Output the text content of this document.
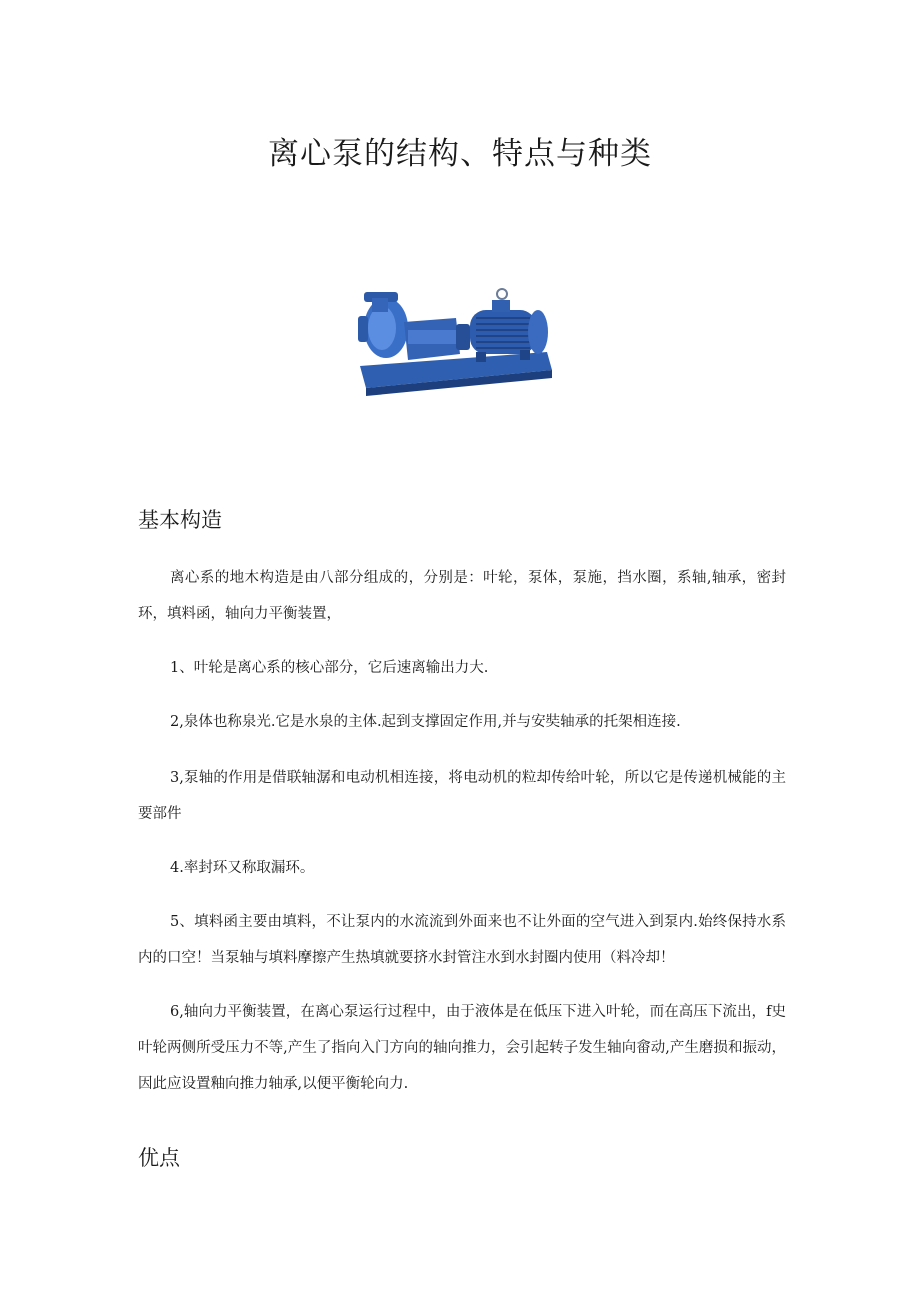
离心泵的结构、特点与种类
基本构造

离心系的地木构造是由八部分组成的，分别是：叶轮，泵体，泵施，挡水圈，系轴,轴承，密封环，填料函，轴向力平衡装置，

1、叶轮是离心系的核心部分，它后速离输出力大.

2,泉体也称泉光.它是水泉的主体.起到支撑固定作用,并与安奘轴承的托架相连接.

3,泵轴的作用是借联轴潺和电动机相连接，将电动机的粒却传给叶轮，所以它是传递机械能的主要部件

4.率封环又称取漏环。

5、填料函主要由填料，不让泵内的水流流到外面来也不让外面的空气进入到泵内.始终保持水系内的口空！当泵轴与填料摩擦产生热填就要挤水封管注水到水封圈内使用（料冷却！

6,轴向力平衡装置，在离心泵运行过程中，由于液体是在低压下进入叶轮，而在高压下流出，f史叶轮两侧所受压力不等,产生了指向入门方向的轴向推力，会引起转子发生轴向畲动,产生磨损和振动，因此应设置釉向推力轴承,以便平衡轮向力.

优点
